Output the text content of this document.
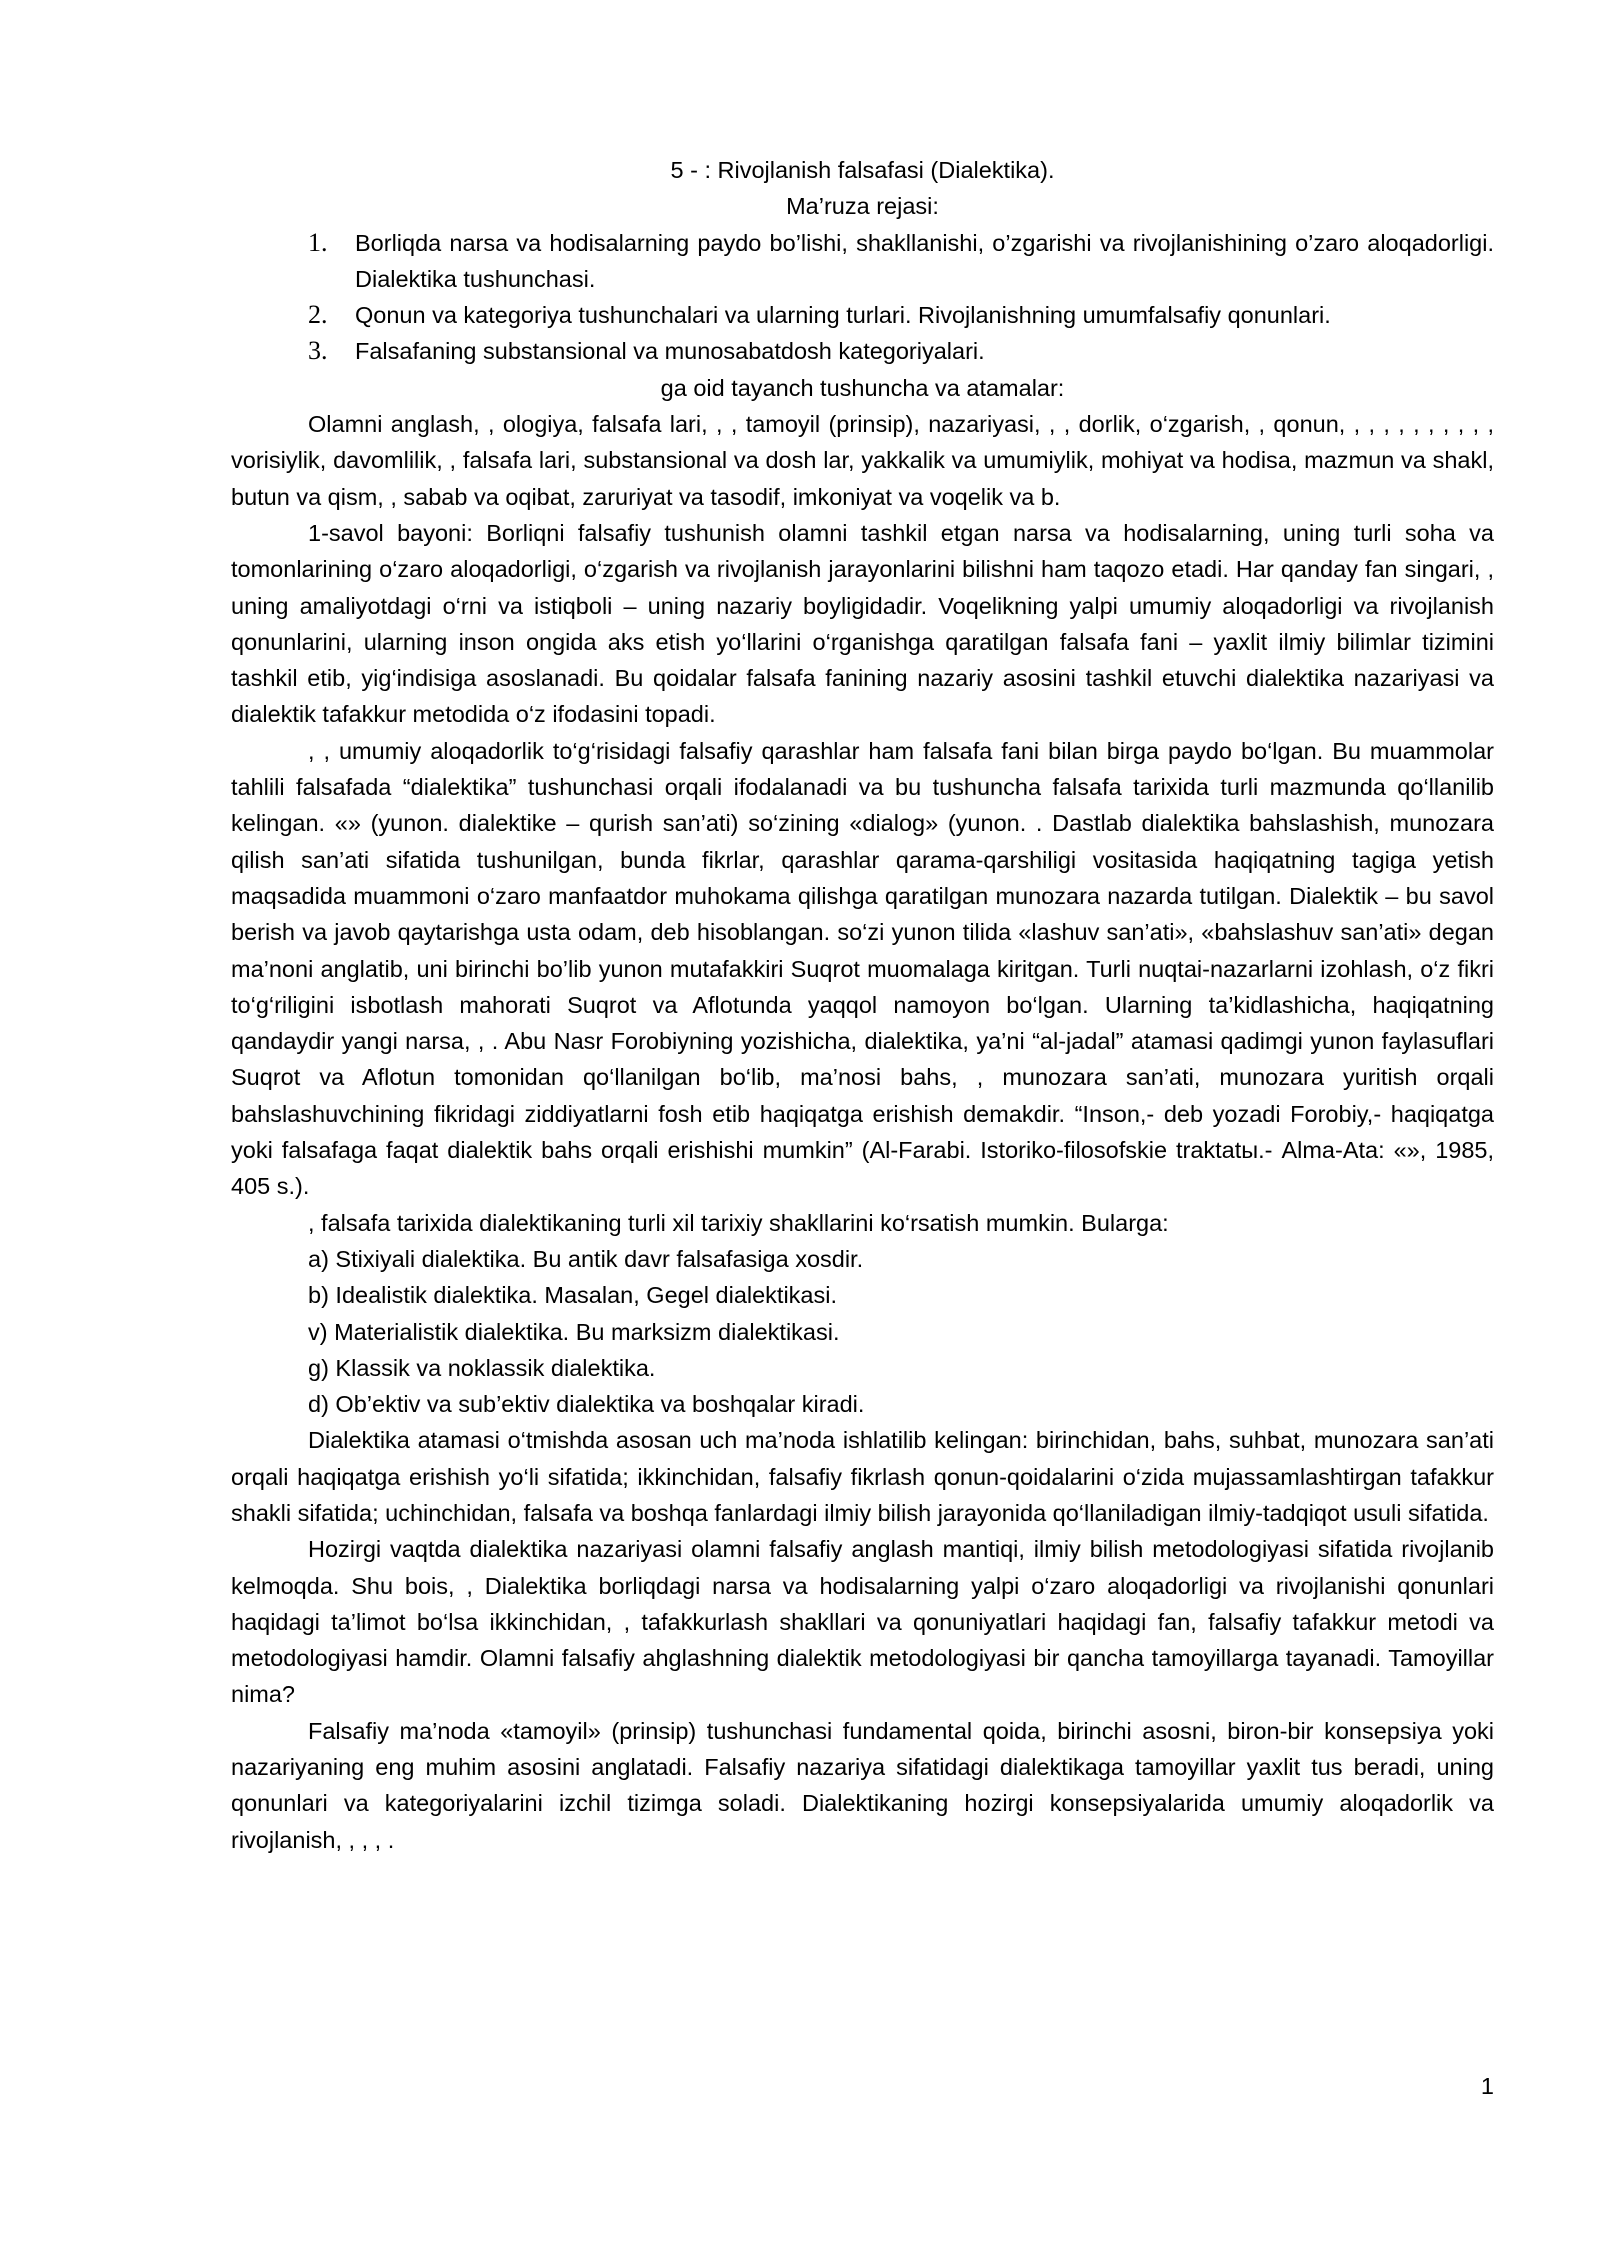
5 - : Rivojlanish falsafasi (Dialektika).
Ma’ruza rejasi:
1. Borliqda narsa va hodisalarning paydo bo’lishi, shakllanishi, o’zgarishi va rivojlanishining o’zaro aloqadorligi. Dialektika tushunchasi.
2. Qonun va kategoriya tushunchalari va ularning turlari. Rivojlanishning umumfalsafiy qonunlari.
3. Falsafaning substansional va munosabatdosh kategoriyalari.
ga oid tayanch tushuncha va atamalar:

Olamni anglash, , ologiya, falsafa lari, , , tamoyil (prinsip), nazariyasi, , , dorlik, o‘zgarish, , qonun, , , , , , , , , , , vorisiylik, davomlilik, , falsafa lari, substansional va dosh lar, yakkalik va umumiylik, mohiyat va hodisa, mazmun va shakl, butun va qism, , sabab va oqibat, zaruriyat va tasodif, imkoniyat va voqelik va b.

1-savol bayoni: Borliqni falsafiy tushunish olamni tashkil etgan narsa va hodisalarning, uning turli soha va tomonlarining o‘zaro aloqadorligi, o‘zgarish va rivojlanish jarayonlarini bilishni ham taqozo etadi. Har qanday fan singari, , uning amaliyotdagi o‘rni va istiqboli – uning nazariy boyligidadir. Voqelikning yalpi umumiy aloqadorligi va rivojlanish qonunlarini, ularning inson ongida aks etish yo‘llarini o‘rganishga qaratilgan falsafa fani – yaxlit ilmiy bilimlar tizimini tashkil etib, yig‘indisiga asoslanadi. Bu qoidalar falsafa fanining nazariy asosini tashkil etuvchi dialektika nazariyasi va dialektik tafakkur metodida o‘z ifodasini topadi.

, , umumiy aloqadorlik to‘g‘risidagi falsafiy qarashlar ham falsafa fani bilan birga paydo bo‘lgan. Bu muammolar tahlili falsafada “dialektika” tushunchasi orqali ifodalanadi va bu tushuncha falsafa tarixida turli mazmunda qo‘llanilib kelingan. «» (yunon. dialektike – qurish san’ati) so‘zining «dialog» (yunon. . Dastlab dialektika bahslashish, munozara qilish san’ati sifatida tushunilgan, bunda fikrlar, qarashlar qarama-qarshiligi vositasida haqiqatning tagiga yetish maqsadida muammoni o‘zaro manfaatdor muhokama qilishga qaratilgan munozara nazarda tutilgan. Dialektik – bu savol berish va javob qaytarishga usta odam, deb hisoblangan. so‘zi yunon tilida «lashuv san’ati», «bahslashuv san’ati» degan ma’noni anglatib, uni birinchi bo’lib yunon mutafakkiri Suqrot muomalaga kiritgan. Turli nuqtai-nazarlarni izohlash, o‘z fikri to‘g‘riligini isbotlash mahorati Suqrot va Aflotunda yaqqol namoyon bo‘lgan. Ularning ta’kidlashicha, haqiqatning qandaydir yangi narsa, , . Abu Nasr Forobiyning yozishicha, dialektika, ya’ni “al-jadal” atamasi qadimgi yunon faylasuflari Suqrot va Aflotun tomonidan qo‘llanilgan bo‘lib, ma’nosi bahs, , munozara san’ati, munozara yuritish orqali bahslashuvchining fikridagi ziddiyatlarni fosh etib haqiqatga erishish demakdir. “Inson,- deb yozadi Forobiy,- haqiqatga yoki falsafaga faqat dialektik bahs orqali erishishi mumkin” (Al-Farabi. Istoriko-filosofskie traktatы.- Alma-Ata: «», 1985, 405 s.).

, falsafa tarixida dialektikaning turli xil tarixiy shakllarini ko‘rsatish mumkin. Bularga:

a) Stixiyali dialektika. Bu antik davr falsafasiga xosdir.

b) Idealistik dialektika. Masalan, Gegel dialektikasi.

v) Materialistik dialektika. Bu marksizm dialektikasi.

g) Klassik va noklassik dialektika.

d) Ob’ektiv va sub’ektiv dialektika va boshqalar kiradi.

Dialektika atamasi o‘tmishda asosan uch ma’noda ishlatilib kelingan: birinchidan, bahs, suhbat, munozara san’ati orqali haqiqatga erishish yo‘li sifatida; ikkinchidan, falsafiy fikrlash qonun-qoidalarini o‘zida mujassamlashtirgan tafakkur shakli sifatida; uchinchidan, falsafa va boshqa fanlardagi ilmiy bilish jarayonida qo‘llaniladigan ilmiy-tadqiqot usuli sifatida.

Hozirgi vaqtda dialektika nazariyasi olamni falsafiy anglash mantiqi, ilmiy bilish metodologiyasi sifatida rivojlanib kelmoqda. Shu bois, , Dialektika borliqdagi narsa va hodisalarning yalpi o‘zaro aloqadorligi va rivojlanishi qonunlari haqidagi ta’limot bo‘lsa ikkinchidan, , tafakkurlash shakllari va qonuniyatlari haqidagi fan, falsafiy tafakkur metodi va metodologiyasi hamdir. Olamni falsafiy ahglashning dialektik metodologiyasi bir qancha tamoyillarga tayanadi. Tamoyillar nima?

Falsafiy ma’noda «tamoyil» (prinsip) tushunchasi fundamental qoida, birinchi asosni, biron-bir konsepsiya yoki nazariyaning eng muhim asosini anglatadi. Falsafiy nazariya sifatidagi dialektikaga tamoyillar yaxlit tus beradi, uning qonunlari va kategoriyalarini izchil tizimga soladi. Dialektikaning hozirgi konsepsiyalarida umumiy aloqadorlik va rivojlanish, , , , .

1
